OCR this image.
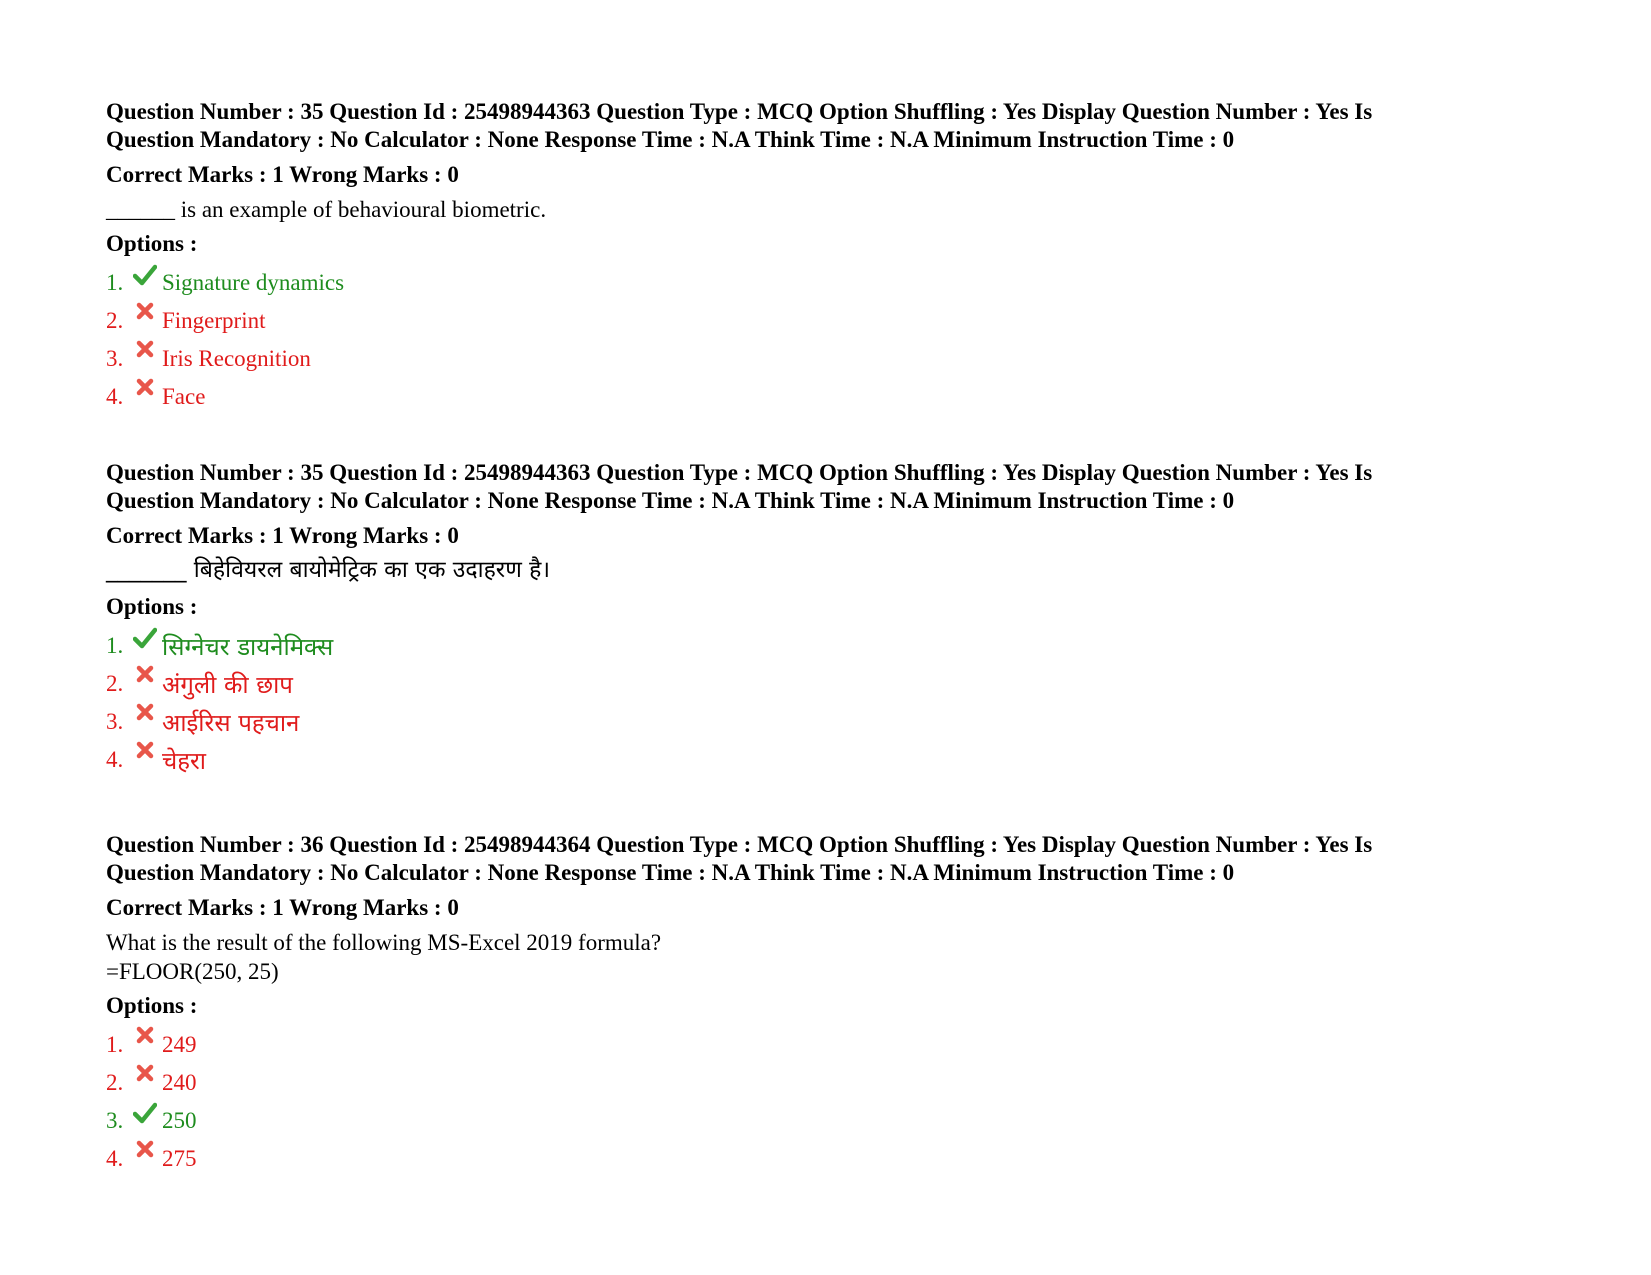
Question Number : 35 Question Id : 25498944363 Question Type : MCQ Option Shuffling : Yes Display Question Number : Yes Is
Question Mandatory : No Calculator : None Response Time : N.A Think Time : N.A Minimum Instruction Time : 0
Correct Marks : 1 Wrong Marks : 0
______ is an example of behavioural biometric.
Options :
1.	Signature dynamics
2.	Fingerprint
3.	Iris Recognition
4.	Face
Question Number : 35 Question Id : 25498944363 Question Type : MCQ Option Shuffling : Yes Display Question Number : Yes Is
Question Mandatory : No Calculator : None Response Time : N.A Think Time : N.A Minimum Instruction Time : 0
Correct Marks : 1 Wrong Marks : 0
_______ बिहेवियरल बायोमेट्रिक का एक उदाहरण है।
Options :
1.	सिग्नेचर डायनेमिक्स
2.	अंगुली की छाप
3.	आईरिस पहचान
4.	चेहरा
Question Number : 36 Question Id : 25498944364 Question Type : MCQ Option Shuffling : Yes Display Question Number : Yes Is
Question Mandatory : No Calculator : None Response Time : N.A Think Time : N.A Minimum Instruction Time : 0
Correct Marks : 1 Wrong Marks : 0
What is the result of the following MS-Excel 2019 formula?
=FLOOR(250, 25)
Options :
1.	249
2.	240
3.	250
4.	275
